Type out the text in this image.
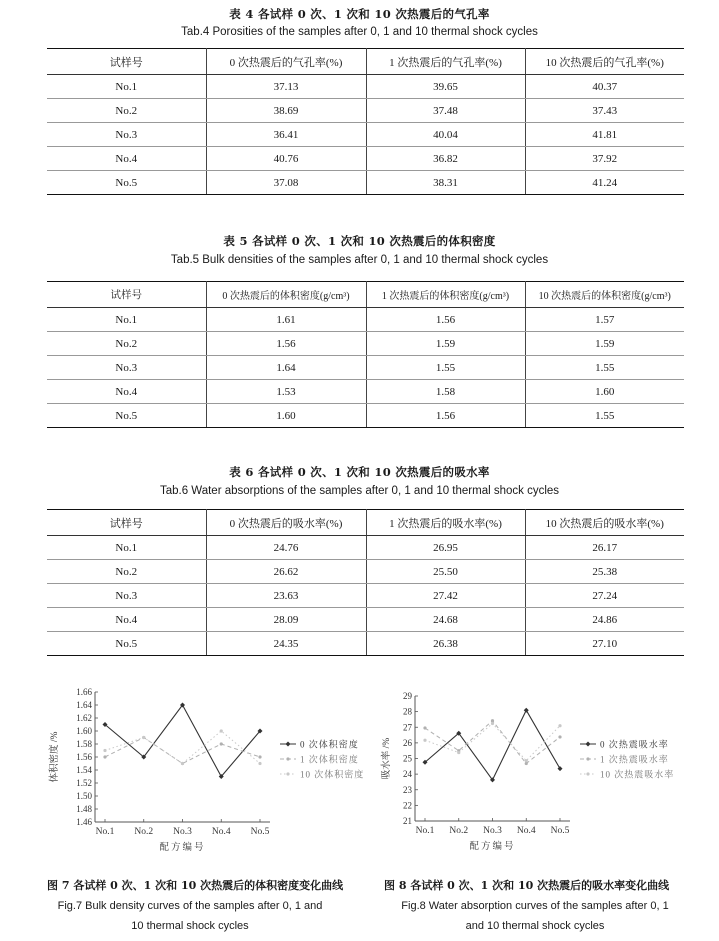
表 4 各试样 0 次、1 次和 10 次热震后的气孔率
Tab.4 Porosities of the samples after 0, 1 and 10 thermal shock cycles
试样号	0 次热震后的气孔率(%)	1 次热震后的气孔率(%)	10 次热震后的气孔率(%)
No.1	37.13	39.65	40.37
No.2	38.69	37.48	37.43
No.3	36.41	40.04	41.81
No.4	40.76	36.82	37.92
No.5	37.08	38.31	41.24
表 5 各试样 0 次、1 次和 10 次热震后的体积密度
Tab.5 Bulk densities of the samples after 0, 1 and 10 thermal shock cycles
试样号	0 次热震后的体积密度(g/cm³)	1 次热震后的体积密度(g/cm³)	10 次热震后的体积密度(g/cm³)
No.1	1.61	1.56	1.57
No.2	1.56	1.59	1.59
No.3	1.64	1.55	1.55
No.4	1.53	1.58	1.60
No.5	1.60	1.56	1.55
表 6 各试样 0 次、1 次和 10 次热震后的吸水率
Tab.6 Water absorptions of the samples after 0, 1 and 10 thermal shock cycles
试样号	0 次热震后的吸水率(%)	1 次热震后的吸水率(%)	10 次热震后的吸水率(%)
No.1	24.76	26.95	26.17
No.2	26.62	25.50	25.38
No.3	23.63	27.42	27.24
No.4	28.09	24.68	24.86
No.5	24.35	26.38	27.10
1.66
1.64
1.62
1.60
1.58
1.56
1.54
1.52
1.50
1.48
1.46
No.1 No.2 No.3 No.4 No.5
配方编号
体积密度 /%	0 次体积密度
1 次体积密度
10 次体积密度
29
28
27
26
25
24
23
22
21
No.1 No.2 No.3 No.4 No.5
配方编号
吸水率 /%	0 次热震吸水率
1 次热震吸水率
10 次热震吸水率
图 7 各试样 0 次、1 次和 10 次热震后的体积密度变化曲线
Fig.7 Bulk density curves of the samples after 0, 1 and
10 thermal shock cycles
图 8 各试样 0 次、1 次和 10 次热震后的吸水率变化曲线
Fig.8 Water absorption curves of the samples after 0, 1
and 10 thermal shock cycles
